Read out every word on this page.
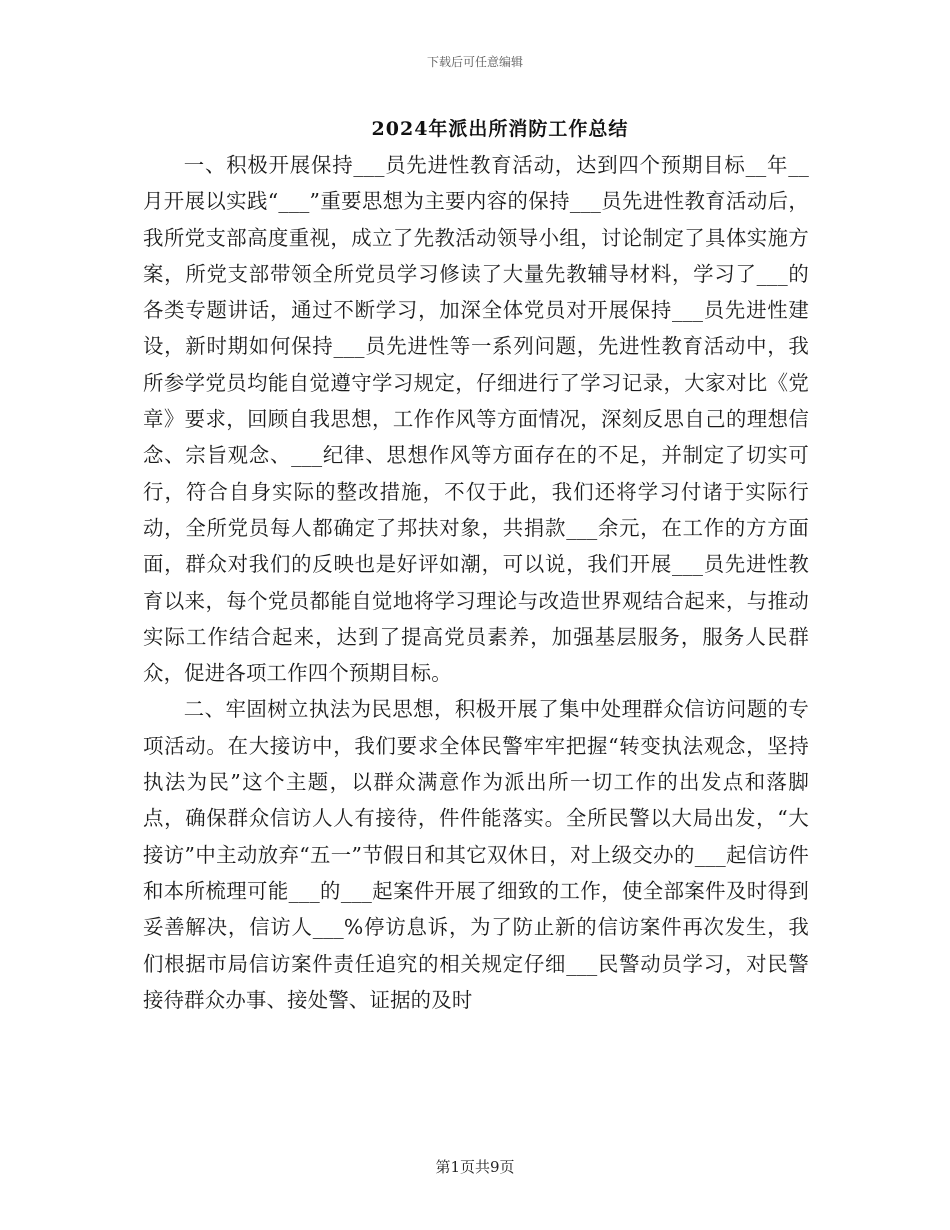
下载后可任意编辑
2024年派出所消防工作总结

一、积极开展保持___员先进性教育活动，达到四个预期目标__年__月开展以实践“___”重要思想为主要内容的保持___员先进性教育活动后，我所党支部高度重视，成立了先教活动领导小组，讨论制定了具体实施方案，所党支部带领全所党员学习修读了大量先教辅导材料，学习了___的各类专题讲话，通过不断学习，加深全体党员对开展保持___员先进性建设，新时期如何保持___员先进性等一系列问题，先进性教育活动中，我所参学党员均能自觉遵守学习规定，仔细进行了学习记录，大家对比《党章》要求，回顾自我思想，工作作风等方面情况，深刻反思自己的理想信念、宗旨观念、___纪律、思想作风等方面存在的不足，并制定了切实可行，符合自身实际的整改措施，不仅于此，我们还将学习付诸于实际行动，全所党员每人都确定了邦扶对象，共捐款___余元，在工作的方方面面，群众对我们的反映也是好评如潮，可以说，我们开展___员先进性教育以来，每个党员都能自觉地将学习理论与改造世界观结合起来，与推动实际工作结合起来，达到了提高党员素养，加强基层服务，服务人民群众，促进各项工作四个预期目标。

二、牢固树立执法为民思想，积极开展了集中处理群众信访问题的专项活动。在大接访中，我们要求全体民警牢牢把握“转变执法观念，坚持执法为民”这个主题，以群众满意作为派出所一切工作的出发点和落脚点，确保群众信访人人有接待，件件能落实。全所民警以大局出发，“大接访”中主动放弃“五一”节假日和其它双休日，对上级交办的___起信访件和本所梳理可能___的___起案件开展了细致的工作，使全部案件及时得到妥善解决，信访人___%停访息诉，为了防止新的信访案件再次发生，我们根据市局信访案件责任追究的相关规定仔细___民警动员学习，对民警接待群众办事、接处警、证据的及时

第1页共9页
